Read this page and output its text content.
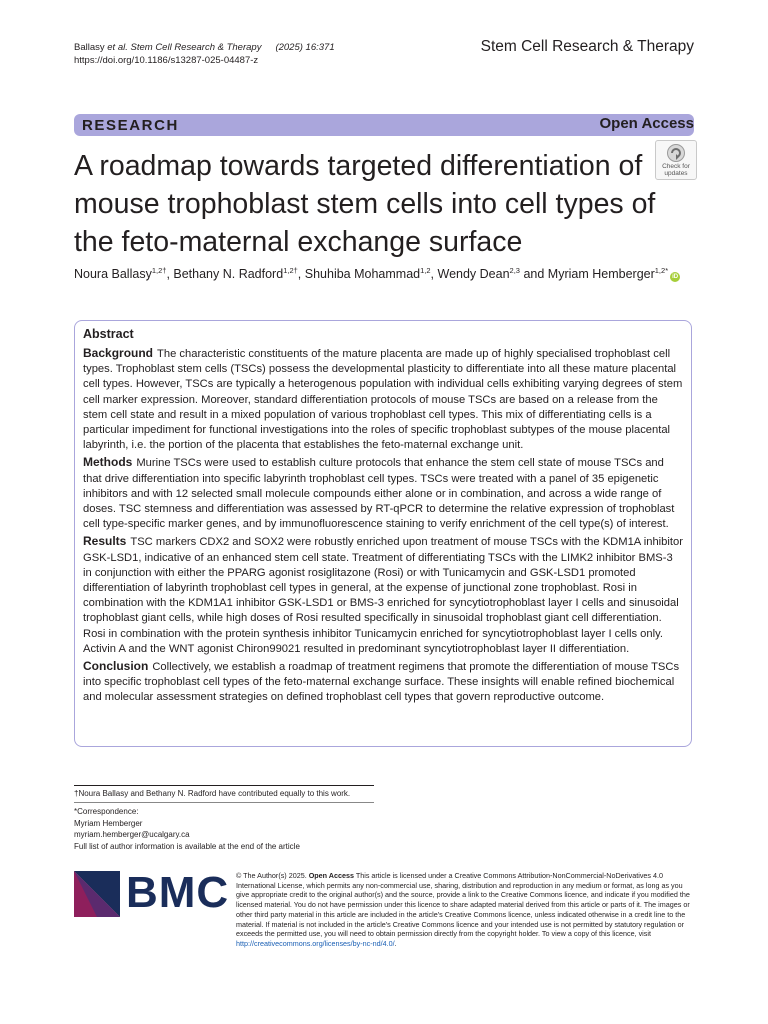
Ballasy et al. Stem Cell Research & Therapy (2025) 16:371
https://doi.org/10.1186/s13287-025-04487-z
Stem Cell Research & Therapy
RESEARCH	Open Access
A roadmap towards targeted differentiation of mouse trophoblast stem cells into cell types of the feto-maternal exchange surface
Check for
updates
Noura Ballasy$^{1,2\dagger}$, Bethany N. Radford$^{1,2\dagger}$, Shuhiba Mohammad$^{1,2}$, Wendy Dean$^{2,3}$ and Myriam Hemberger$^{1,2*}$iD
Abstract

Background The characteristic constituents of the mature placenta are made up of highly specialised trophoblast cell types. Trophoblast stem cells (TSCs) possess the developmental plasticity to differentiate into all these mature placental cell types. However, TSCs are typically a heterogenous population with individual cells exhibiting varying degrees of stem cell marker expression. Moreover, standard differentiation protocols of mouse TSCs are based on a release from the stem cell state and result in a mixed population of various trophoblast cell types. This mix of differentiating cells is a particular impediment for functional investigations into the roles of specific trophoblast subtypes of the mouse placental labyrinth, i.e. the portion of the placenta that establishes the feto-maternal exchange unit.

Methods Murine TSCs were used to establish culture protocols that enhance the stem cell state of mouse TSCs and that drive differentiation into specific labyrinth trophoblast cell types. TSCs were treated with a panel of 35 epigenetic inhibitors and with 12 selected small molecule compounds either alone or in combination, and across a wide range of doses. TSC stemness and differentiation was assessed by RT-qPCR to determine the relative expression of trophoblast cell type-specific marker genes, and by immunofluorescence staining to verify enrichment of the cell type(s) of interest.

Results TSC markers CDX2 and SOX2 were robustly enriched upon treatment of mouse TSCs with the KDM1A inhibitor GSK-LSD1, indicative of an enhanced stem cell state. Treatment of differentiating TSCs with the LIMK2 inhibitor BMS-3 in conjunction with either the PPARG agonist rosiglitazone (Rosi) or with Tunicamycin and GSK-LSD1 promoted differentiation of labyrinth trophoblast cell types in general, at the expense of junctional zone trophoblast. Rosi in combination with the KDM1A1 inhibitor GSK-LSD1 or BMS-3 enriched for syncytiotrophoblast layer I cells and sinusoidal trophoblast giant cells, while high doses of Rosi resulted specifically in sinusoidal trophoblast giant cell differentiation. Rosi in combination with the protein synthesis inhibitor Tunicamycin enriched for syncytiotrophoblast layer I cells only. Activin A and the WNT agonist Chiron99021 resulted in predominant syncytiotrophoblast layer II differentiation.

Conclusion Collectively, we establish a roadmap of treatment regimens that promote the differentiation of mouse TSCs into specific trophoblast cell types of the feto-maternal exchange surface. These insights will enable refined biochemical and molecular assessment strategies on defined trophoblast cell types that govern reproductive outcome.

†Noura Ballasy and Bethany N. Radford have contributed equally to this work.
*Correspondence:
Myriam Hemberger
myriam.hemberger@ucalgary.ca
Full list of author information is available at the end of the article
BMC © The Author(s) 2025. Open Access This article is licensed under a Creative Commons Attribution-NonCommercial-NoDerivatives 4.0 International License, which permits any non-commercial use, sharing, distribution and reproduction in any medium or format, as long as you give appropriate credit to the original author(s) and the source, provide a link to the Creative Commons licence, and indicate if you modified the licensed material. You do not have permission under this licence to share adapted material derived from this article or parts of it. The images or other third party material in this article are included in the article's Creative Commons licence, unless indicated otherwise in a credit line to the material. If material is not included in the article's Creative Commons licence and your intended use is not permitted by statutory regulation or exceeds the permitted use, you will need to obtain permission directly from the copyright holder. To view a copy of this licence, visit http://creativecommons.org/licenses/by-nc-nd/4.0/.
